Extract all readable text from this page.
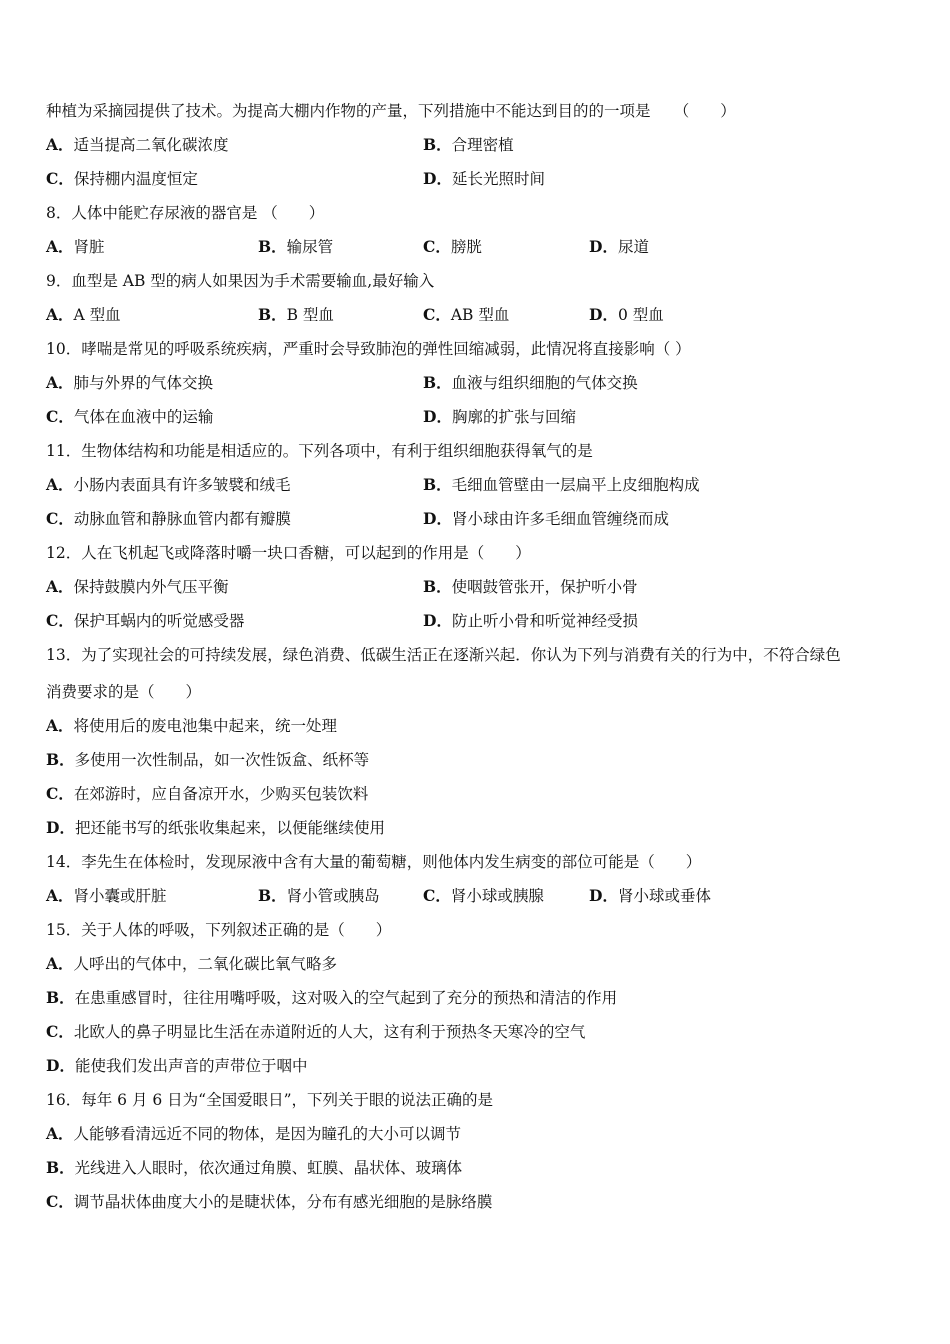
种植为采摘园提供了技术。为提高大棚内作物的产量，下列措施中不能达到目的的一项是　　（　　）
A．适当提高二氧化碳浓度	B．合理密植
C．保持棚内温度恒定	D．延长光照时间
8．人体中能贮存尿液的器官是 （　　）
A．肾脏	B．输尿管	C．膀胱	D．尿道
9．血型是 AB 型的病人如果因为手术需要输血,最好输入
A．A 型血	B．B 型血	C．AB 型血	D．0 型血
10．哮喘是常见的呼吸系统疾病，严重时会导致肺泡的弹性回缩减弱，此情况将直接影响（ ）
A．肺与外界的气体交换	B．血液与组织细胞的气体交换
C．气体在血液中的运输	D．胸廓的扩张与回缩
11．生物体结构和功能是相适应的。下列各项中，有利于组织细胞获得氧气的是
A．小肠内表面具有许多皱襞和绒毛	B．毛细血管壁由一层扁平上皮细胞构成
C．动脉血管和静脉血管内都有瓣膜	D．肾小球由许多毛细血管缠绕而成
12．人在飞机起飞或降落时嚼一块口香糖，可以起到的作用是（　　）
A．保持鼓膜内外气压平衡	B．使咽鼓管张开，保护听小骨
C．保护耳蜗内的听觉感受器	D．防止听小骨和听觉神经受损
13．为了实现社会的可持续发展，绿色消费、低碳生活正在逐渐兴起．你认为下列与消费有关的行为中，不符合绿色
消费要求的是（　　）
A．将使用后的废电池集中起来，统一处理
B．多使用一次性制品，如一次性饭盒、纸杯等
C．在郊游时，应自备凉开水，少购买包装饮料
D．把还能书写的纸张收集起来，以便能继续使用
14．李先生在体检时，发现尿液中含有大量的葡萄糖，则他体内发生病变的部位可能是（　　）
A．肾小囊或肝脏	B．肾小管或胰岛	C．肾小球或胰腺	D．肾小球或垂体
15．关于人体的呼吸，下列叙述正确的是（　　）
A．人呼出的气体中，二氧化碳比氧气略多
B．在患重感冒时，往往用嘴呼吸，这对吸入的空气起到了充分的预热和清洁的作用
C．北欧人的鼻子明显比生活在赤道附近的人大，这有利于预热冬天寒冷的空气
D．能使我们发出声音的声带位于咽中
16．每年 6 月 6 日为“全国爱眼日”，下列关于眼的说法正确的是
A．人能够看清远近不同的物体，是因为瞳孔的大小可以调节
B．光线进入人眼时，依次通过角膜、虹膜、晶状体、玻璃体
C．调节晶状体曲度大小的是睫状体，分布有感光细胞的是脉络膜
